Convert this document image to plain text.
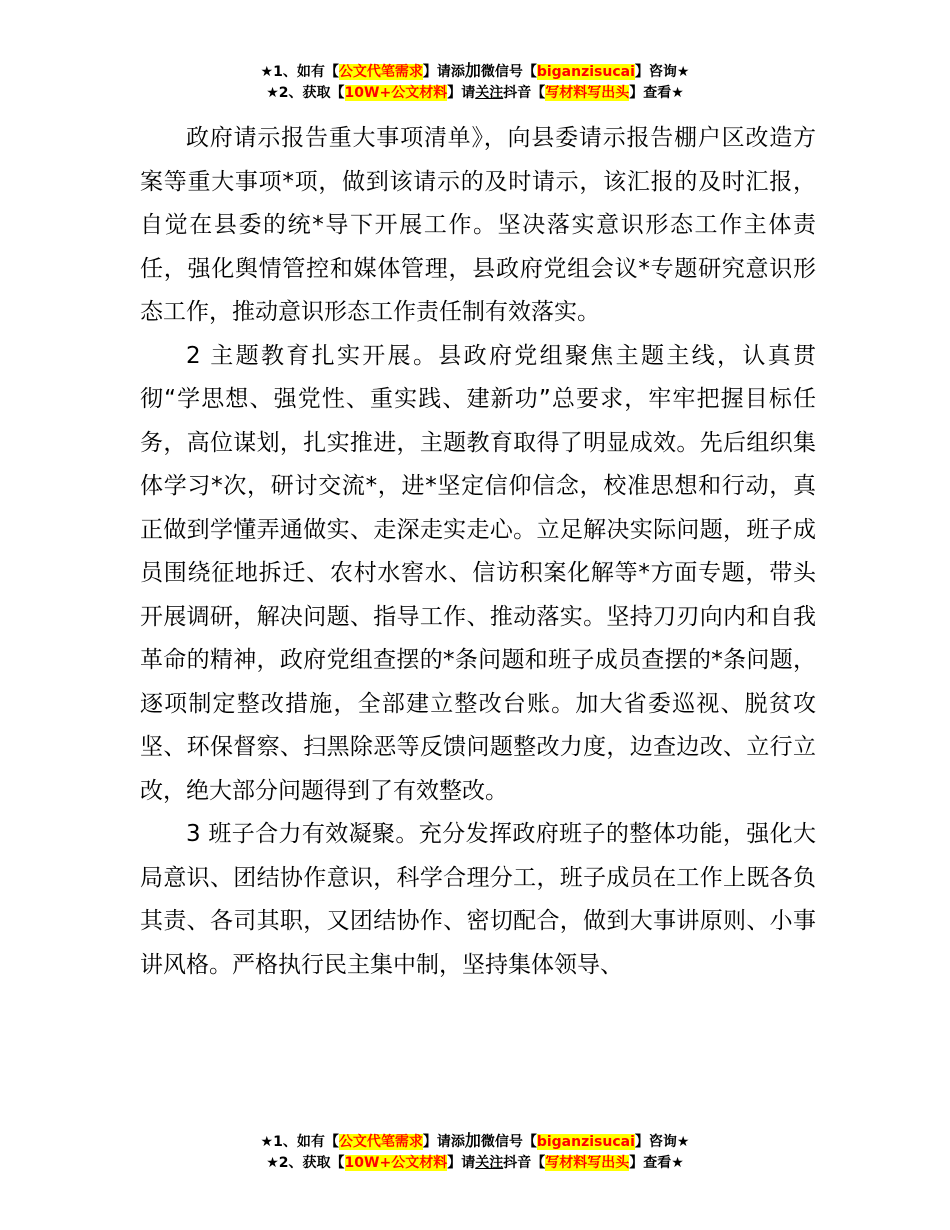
★1、如有【公文代笔需求】请添加微信号【biganzisucai】咨询★
★2、获取【10W+公文材料】请关注抖音【写材料写出头】查看★

政府请示报告重大事项清单》，向县委请示报告棚户区改造方案等重大事项*项，做到该请示的及时请示，该汇报的及时汇报，自觉在县委的统*导下开展工作。坚决落实意识形态工作主体责任，强化舆情管控和媒体管理，县政府党组会议*专题研究意识形态工作，推动意识形态工作责任制有效落实。

2 主题教育扎实开展。县政府党组聚焦主题主线，认真贯彻“学思想、强党性、重实践、建新功”总要求，牢牢把握目标任务，高位谋划，扎实推进，主题教育取得了明显成效。先后组织集体学习*次，研讨交流*，进*坚定信仰信念，校准思想和行动，真正做到学懂弄通做实、走深走实走心。立足解决实际问题，班子成员围绕征地拆迁、农村水窖水、信访积案化解等*方面专题，带头开展调研，解决问题、指导工作、推动落实。坚持刀刃向内和自我革命的精神，政府党组查摆的*条问题和班子成员查摆的*条问题，逐项制定整改措施，全部建立整改台账。加大省委巡视、脱贫攻坚、环保督察、扫黑除恶等反馈问题整改力度，边查边改、立行立改，绝大部分问题得到了有效整改。

3 班子合力有效凝聚。充分发挥政府班子的整体功能，强化大局意识、团结协作意识，科学合理分工，班子成员在工作上既各负其责、各司其职，又团结协作、密切配合，做到大事讲原则、小事讲风格。严格执行民主集中制，坚持集体领导、

★1、如有【公文代笔需求】请添加微信号【biganzisucai】咨询★
★2、获取【10W+公文材料】请关注抖音【写材料写出头】查看★
